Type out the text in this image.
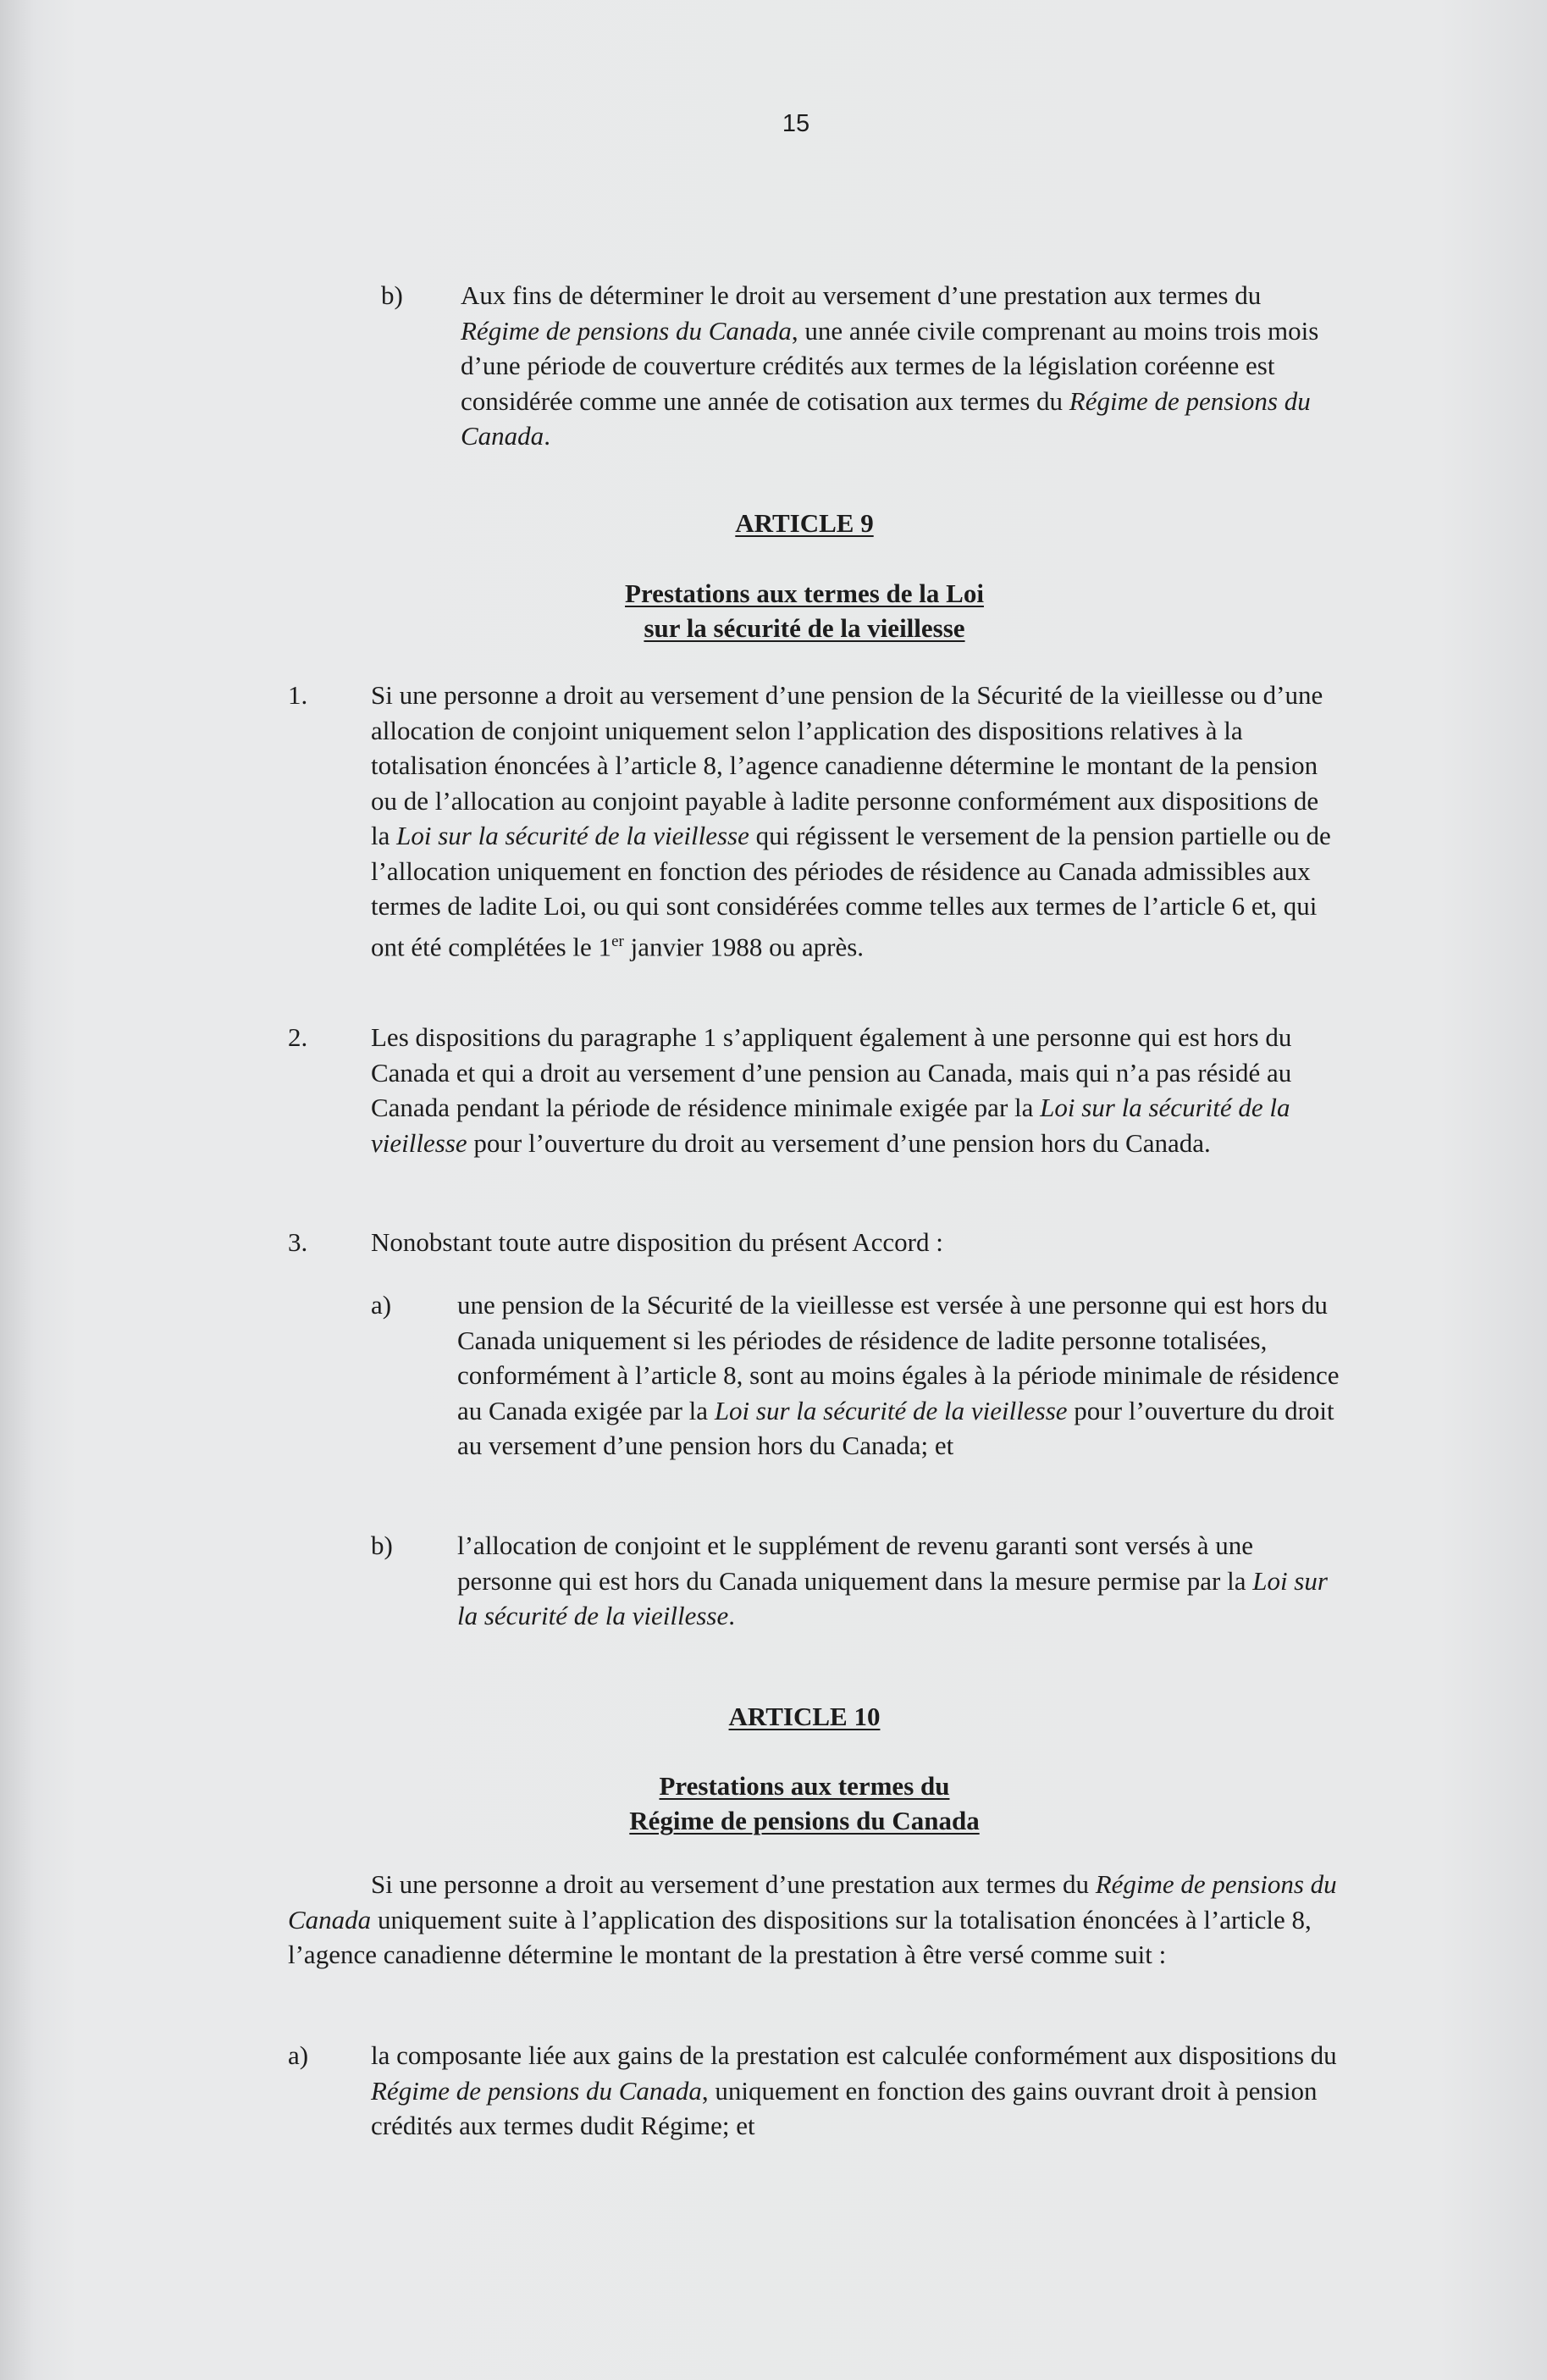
15
b) Aux fins de déterminer le droit au versement d’une prestation aux termes du Régime de pensions du Canada, une année civile comprenant au moins trois mois d’une période de couverture crédités aux termes de la législation coréenne est considérée comme une année de cotisation aux termes du Régime de pensions du Canada.

ARTICLE 9
Prestations aux termes de la Loi
sur la sécurité de la vieillesse
1. Si une personne a droit au versement d’une pension de la Sécurité de la vieillesse ou d’une allocation de conjoint uniquement selon l’application des dispositions relatives à la totalisation énoncées à l’article 8, l’agence canadienne détermine le montant de la pension ou de l’allocation au conjoint payable à ladite personne conformément aux dispositions de la Loi sur la sécurité de la vieillesse qui régissent le versement de la pension partielle ou de l’allocation uniquement en fonction des périodes de résidence au Canada admissibles aux termes de ladite Loi, ou qui sont considérées comme telles aux termes de l’article 6 et, qui ont été complétées le 1er janvier 1988 ou après.

2. Les dispositions du paragraphe 1 s’appliquent également à une personne qui est hors du Canada et qui a droit au versement d’une pension au Canada, mais qui n’a pas résidé au Canada pendant la période de résidence minimale exigée par la Loi sur la sécurité de la vieillesse pour l’ouverture du droit au versement d’une pension hors du Canada.

3. Nonobstant toute autre disposition du présent Accord :

a)	une pension de la Sécurité de la vieillesse est versée à une personne qui est hors du Canada uniquement si les périodes de résidence de ladite personne totalisées, conformément à l’article 8, sont au moins égales à la période minimale de résidence au Canada exigée par la Loi sur la sécurité de la vieillesse pour l’ouverture du droit au versement d’une pension hors du Canada; et

b) l’allocation de conjoint et le supplément de revenu garanti sont versés à une personne qui est hors du Canada uniquement dans la mesure permise par la Loi sur la sécurité de la vieillesse.

ARTICLE 10
Prestations aux termes du
Régime de pensions du Canada

Si une personne a droit au versement d’une prestation aux termes du Régime de pensions du Canada uniquement suite à l’application des dispositions sur la totalisation énoncées à l’article 8, l’agence canadienne détermine le montant de la prestation à être versé comme suit :

a) la composante liée aux gains de la prestation est calculée conformément aux dispositions du Régime de pensions du Canada, uniquement en fonction des gains ouvrant droit à pension crédités aux termes dudit Régime; et
